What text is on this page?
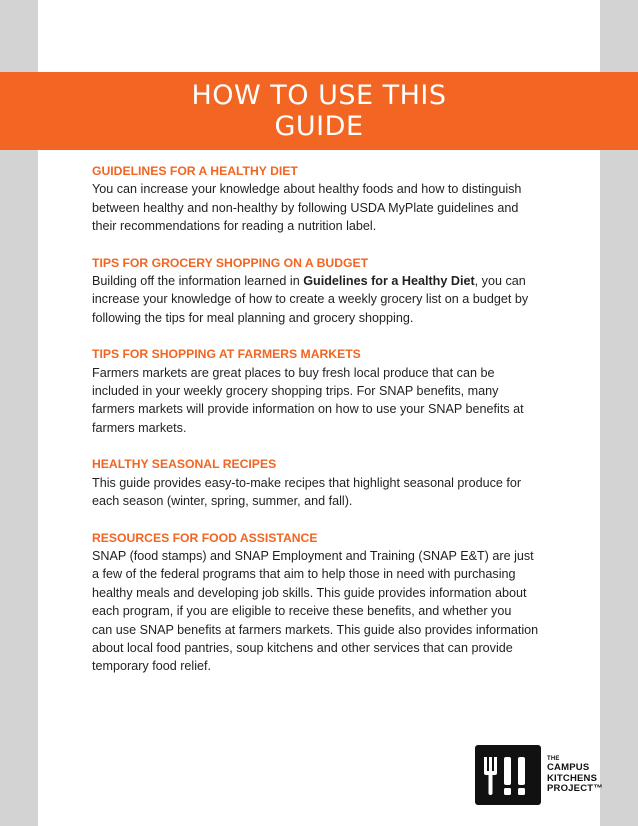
HOW TO USE THIS
GUIDE
GUIDELINES FOR A HEALTHY DIET
You can increase your knowledge about healthy foods and how to distinguish
between healthy and non-healthy by following USDA MyPlate guidelines and
their recommendations for reading a nutrition label.
TIPS FOR GROCERY SHOPPING ON A BUDGET
Building off the information learned in Guidelines for a Healthy Diet, you can
increase your knowledge of how to create a weekly grocery list on a budget by
following the tips for meal planning and grocery shopping.
TIPS FOR SHOPPING AT FARMERS MARKETS
Farmers markets are great places to buy fresh local produce that can be
included in your weekly grocery shopping trips. For SNAP benefits, many
farmers markets will provide information on how to use your SNAP benefits at
farmers markets.
HEALTHY SEASONAL RECIPES
This guide provides easy-to-make recipes that highlight seasonal produce for
each season (winter, spring, summer, and fall).
RESOURCES FOR FOOD ASSISTANCE
SNAP (food stamps) and SNAP Employment and Training (SNAP E&T) are just
a few of the federal programs that aim to help those in need with purchasing
healthy meals and developing job skills. This guide provides information about
each program, if you are eligible to receive these benefits, and whether you
can use SNAP benefits at farmers markets. This guide also provides information
about local food pantries, soup kitchens and other services that can provide
temporary food relief.
THE
CAMPUS
KITCHENS
PROJECT™
